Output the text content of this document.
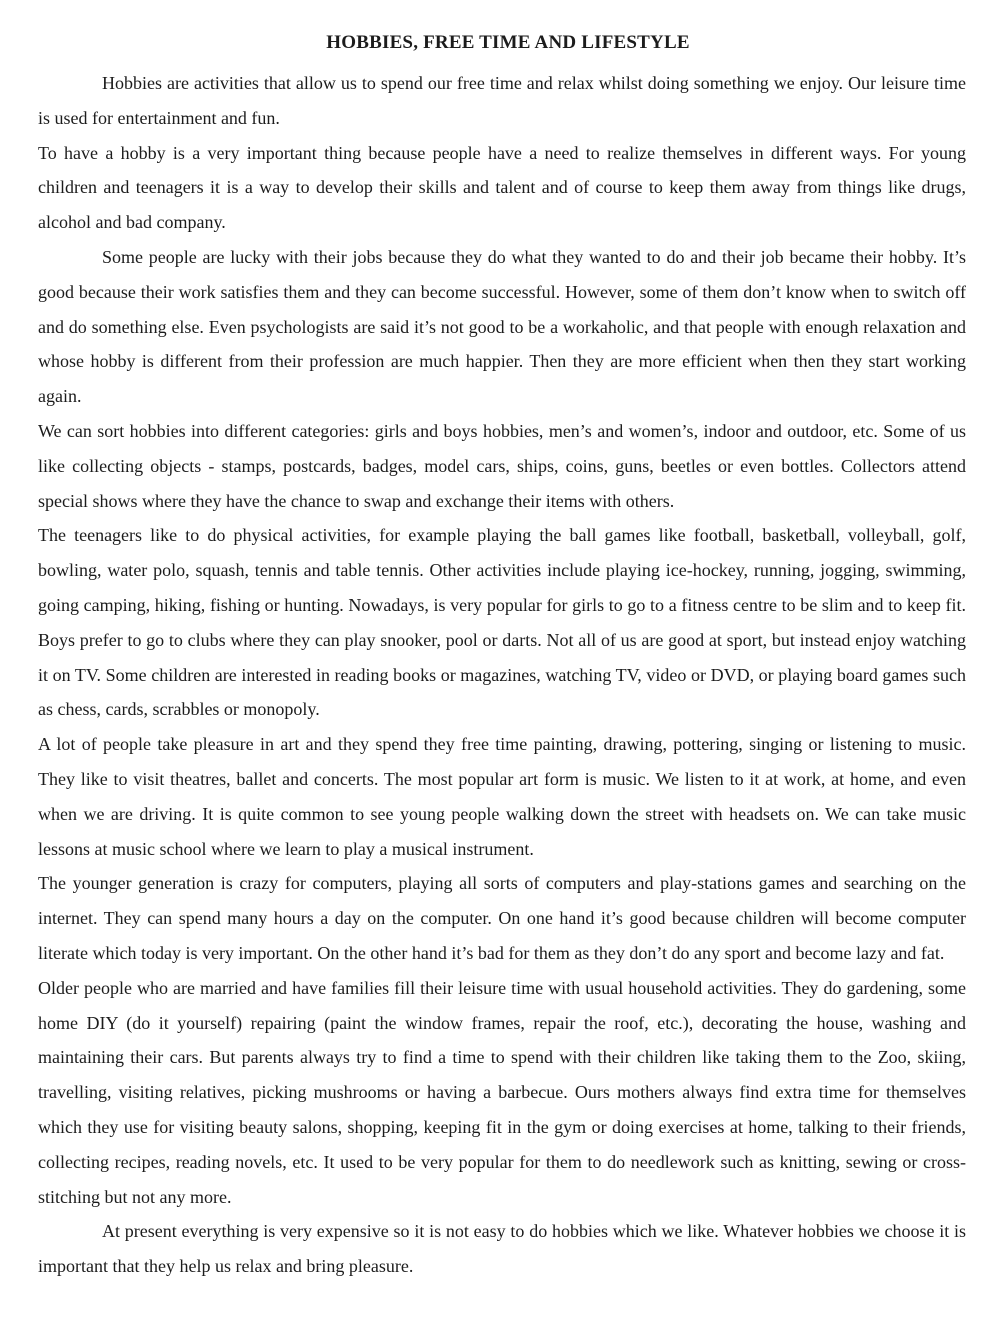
HOBBIES, FREE TIME AND LIFESTYLE

Hobbies are activities that allow us to spend our free time and relax whilst doing something we enjoy. Our leisure time is used for entertainment and fun.

To have a hobby is a very important thing because people have a need to realize themselves in different ways. For young children and teenagers it is a way to develop their skills and talent and of course to keep them away from things like drugs, alcohol and bad company.

Some people are lucky with their jobs because they do what they wanted to do and their job became their hobby. It’s good because their work satisfies them and they can become successful. However, some of them don’t know when to switch off and do something else. Even psychologists are said it’s not good to be a workaholic, and that people with enough relaxation and whose hobby is different from their profession are much happier. Then they are more efficient when then they start working again.

We can sort hobbies into different categories: girls and boys hobbies, men’s and women’s, indoor and outdoor, etc. Some of us like collecting objects - stamps, postcards, badges, model cars, ships, coins, guns, beetles or even bottles. Collectors attend special shows where they have the chance to swap and exchange their items with others.

The teenagers like to do physical activities, for example playing the ball games like football, basketball, volleyball, golf, bowling, water polo, squash, tennis and table tennis. Other activities include playing ice-hockey, running, jogging, swimming, going camping, hiking, fishing or hunting. Nowadays, is very popular for girls to go to a fitness centre to be slim and to keep fit. Boys prefer to go to clubs where they can play snooker, pool or darts. Not all of us are good at sport, but instead enjoy watching it on TV. Some children are interested in reading books or magazines, watching TV, video or DVD, or playing board games such as chess, cards, scrabbles or monopoly.

A lot of people take pleasure in art and they spend they free time painting, drawing, pottering, singing or listening to music. They like to visit theatres, ballet and concerts. The most popular art form is music. We listen to it at work, at home, and even when we are driving. It is quite common to see young people walking down the street with headsets on. We can take music lessons at music school where we learn to play a musical instrument.

The younger generation is crazy for computers, playing all sorts of computers and play-stations games and searching on the internet. They can spend many hours a day on the computer. On one hand it’s good because children will become computer literate which today is very important. On the other hand it’s bad for them as they don’t do any sport and become lazy and fat.

Older people who are married and have families fill their leisure time with usual household activities. They do gardening, some home DIY (do it yourself) repairing (paint the window frames, repair the roof, etc.), decorating the house, washing and maintaining their cars. But parents always try to find a time to spend with their children like taking them to the Zoo, skiing, travelling, visiting relatives, picking mushrooms or having a barbecue. Ours mothers always find extra time for themselves which they use for visiting beauty salons, shopping, keeping fit in the gym or doing exercises at home, talking to their friends, collecting recipes, reading novels, etc. It used to be very popular for them to do needlework such as knitting, sewing or cross-stitching but not any more.

At present everything is very expensive so it is not easy to do hobbies which we like. Whatever hobbies we choose it is important that they help us relax and bring pleasure.
